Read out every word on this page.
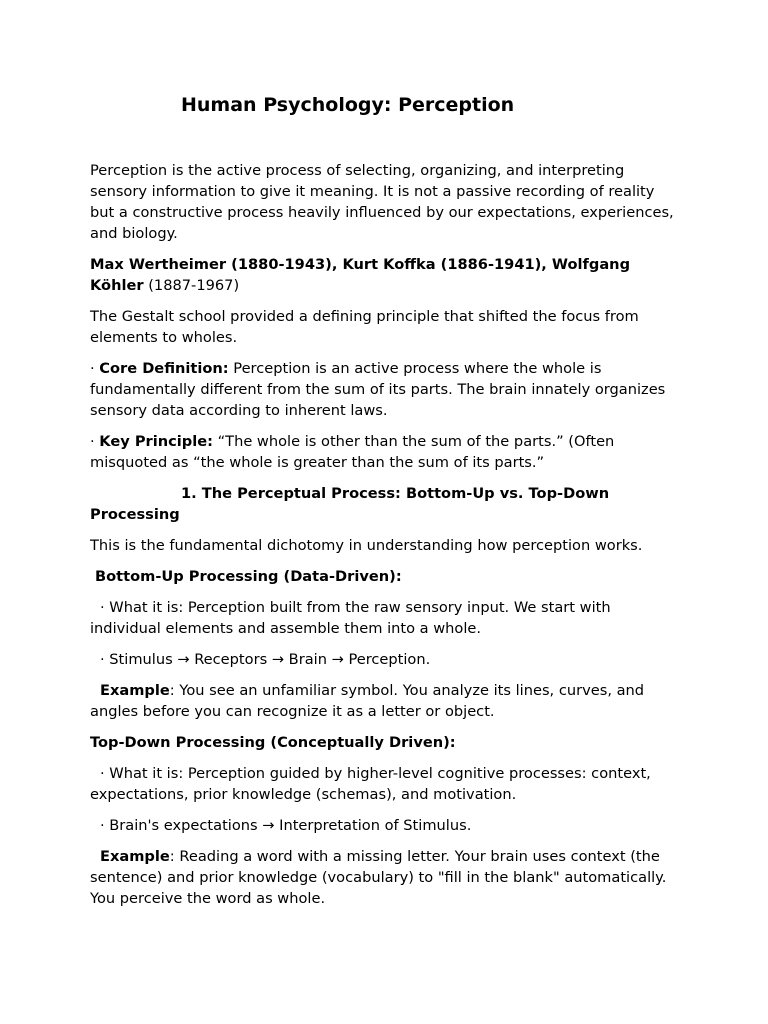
Human Psychology: Perception

Perception is the active process of selecting, organizing, and interpreting sensory information to give it meaning. It is not a passive recording of reality but a constructive process heavily influenced by our expectations, experiences, and biology.

Max Wertheimer (1880-1943), Kurt Koffka (1886-1941), Wolfgang Köhler (1887-1967)

The Gestalt school provided a defining principle that shifted the focus from elements to wholes.

· Core Definition: Perception is an active process where the whole is fundamentally different from the sum of its parts. The brain innately organizes sensory data according to inherent laws.

· Key Principle: “The whole is other than the sum of the parts.” (Often misquoted as “the whole is greater than the sum of its parts.”

1. The Perceptual Process: Bottom-Up vs. Top-Down Processing

This is the fundamental dichotomy in understanding how perception works.

Bottom-Up Processing (Data-Driven):

· What it is: Perception built from the raw sensory input. We start with individual elements and assemble them into a whole.

· Stimulus → Receptors → Brain → Perception.

Example: You see an unfamiliar symbol. You analyze its lines, curves, and angles before you can recognize it as a letter or object.

Top-Down Processing (Conceptually Driven):

· What it is: Perception guided by higher-level cognitive processes: context, expectations, prior knowledge (schemas), and motivation.

· Brain's expectations → Interpretation of Stimulus.

Example: Reading a word with a missing letter. Your brain uses context (the sentence) and prior knowledge (vocabulary) to "fill in the blank" automatically. You perceive the word as whole.
